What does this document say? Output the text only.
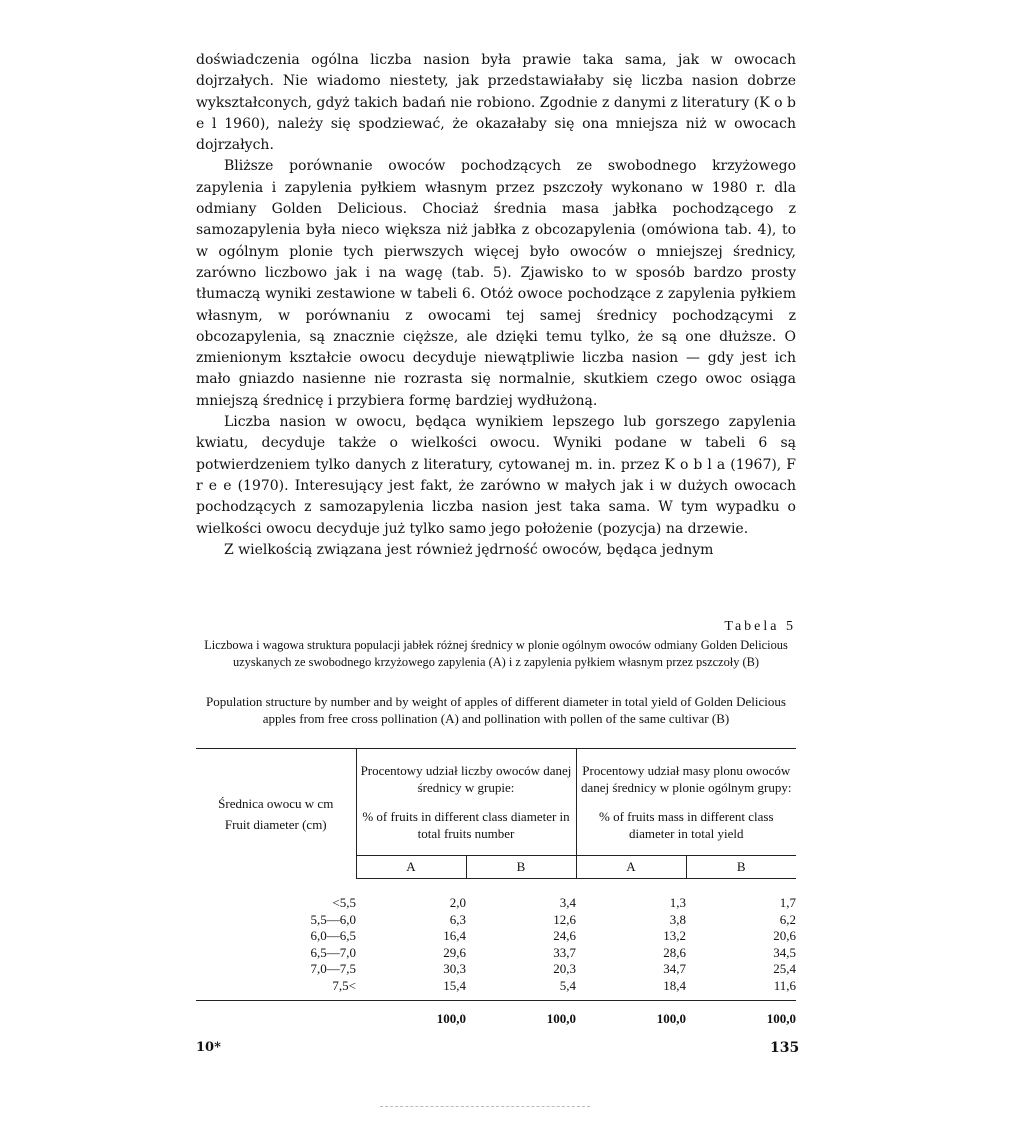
doświadczenia ogólna liczba nasion była prawie taka sama, jak w owocach dojrzałych. Nie wiadomo niestety, jak przedstawiałaby się liczba nasion dobrze wykształconych, gdyż takich badań nie robiono. Zgodnie z danymi z literatury (K o b e l 1960), należy się spodziewać, że okazałaby się ona mniejsza niż w owocach dojrzałych.

Bliższe porównanie owoców pochodzących ze swobodnego krzyżowego zapylenia i zapylenia pyłkiem własnym przez pszczoły wykonano w 1980 r. dla odmiany Golden Delicious. Chociaż średnia masa jabłka pochodzącego z samozapylenia była nieco większa niż jabłka z obcozapylenia (omówiona tab. 4), to w ogólnym plonie tych pierwszych więcej było owoców o mniejszej średnicy, zarówno liczbowo jak i na wagę (tab. 5). Zjawisko to w sposób bardzo prosty tłumaczą wyniki zestawione w tabeli 6. Otóż owoce pochodzące z zapylenia pyłkiem własnym, w porównaniu z owocami tej samej średnicy pochodzącymi z obcozapylenia, są znacznie cięższe, ale dzięki temu tylko, że są one dłuższe. O zmienionym kształcie owocu decyduje niewątpliwie liczba nasion — gdy jest ich mało gniazdo nasienne nie rozrasta się normalnie, skutkiem czego owoc osiąga mniejszą średnicę i przybiera formę bardziej wydłużoną.

Liczba nasion w owocu, będąca wynikiem lepszego lub gorszego zapylenia kwiatu, decyduje także o wielkości owocu. Wyniki podane w tabeli 6 są potwierdzeniem tylko danych z literatury, cytowanej m. in. przez K o b l a (1967), F r e e (1970). Interesujący jest fakt, że zarówno w małych jak i w dużych owocach pochodzących z samozapylenia liczba nasion jest taka sama. W tym wypadku o wielkości owocu decyduje już tylko samo jego położenie (pozycja) na drzewie.

Z wielkością związana jest również jędrność owoców, będąca jednym

Tabela 5

Liczbowa i wagowa struktura populacji jabłek różnej średnicy w plonie ogólnym owoców odmiany Golden Delicious uzyskanych ze swobodnego krzyżowego zapylenia (A) i z zapylenia pyłkiem własnym przez pszczoły (B)

Population structure by number and by weight of apples of different diameter in total yield of Golden Delicious apples from free cross pollination (A) and pollination with pollen of the same cultivar (B)

Średnica owocu w cm
Fruit diameter (cm)	Procentowy udział liczby owoców danej średnicy w grupie:
% of fruits in different class diameter in total fruits number		Procentowy udział masy plonu owoców danej średnicy w plonie ogólnym grupy:
% of fruits mass in different class diameter in total yield	

	A	B	A	B
<5,5	2,0	3,4	1,3	1,7
5,5—6,0	6,3	12,6	3,8	6,2
6,0—6,5	16,4	24,6	13,2	20,6
6,5—7,0	29,6	33,7	28,6	34,5
7,0—7,5	30,3	20,3	34,7	25,4
7,5<	15,4	5,4	18,4	11,6

	100,0	100,0	100,0	100,0
10*	135
